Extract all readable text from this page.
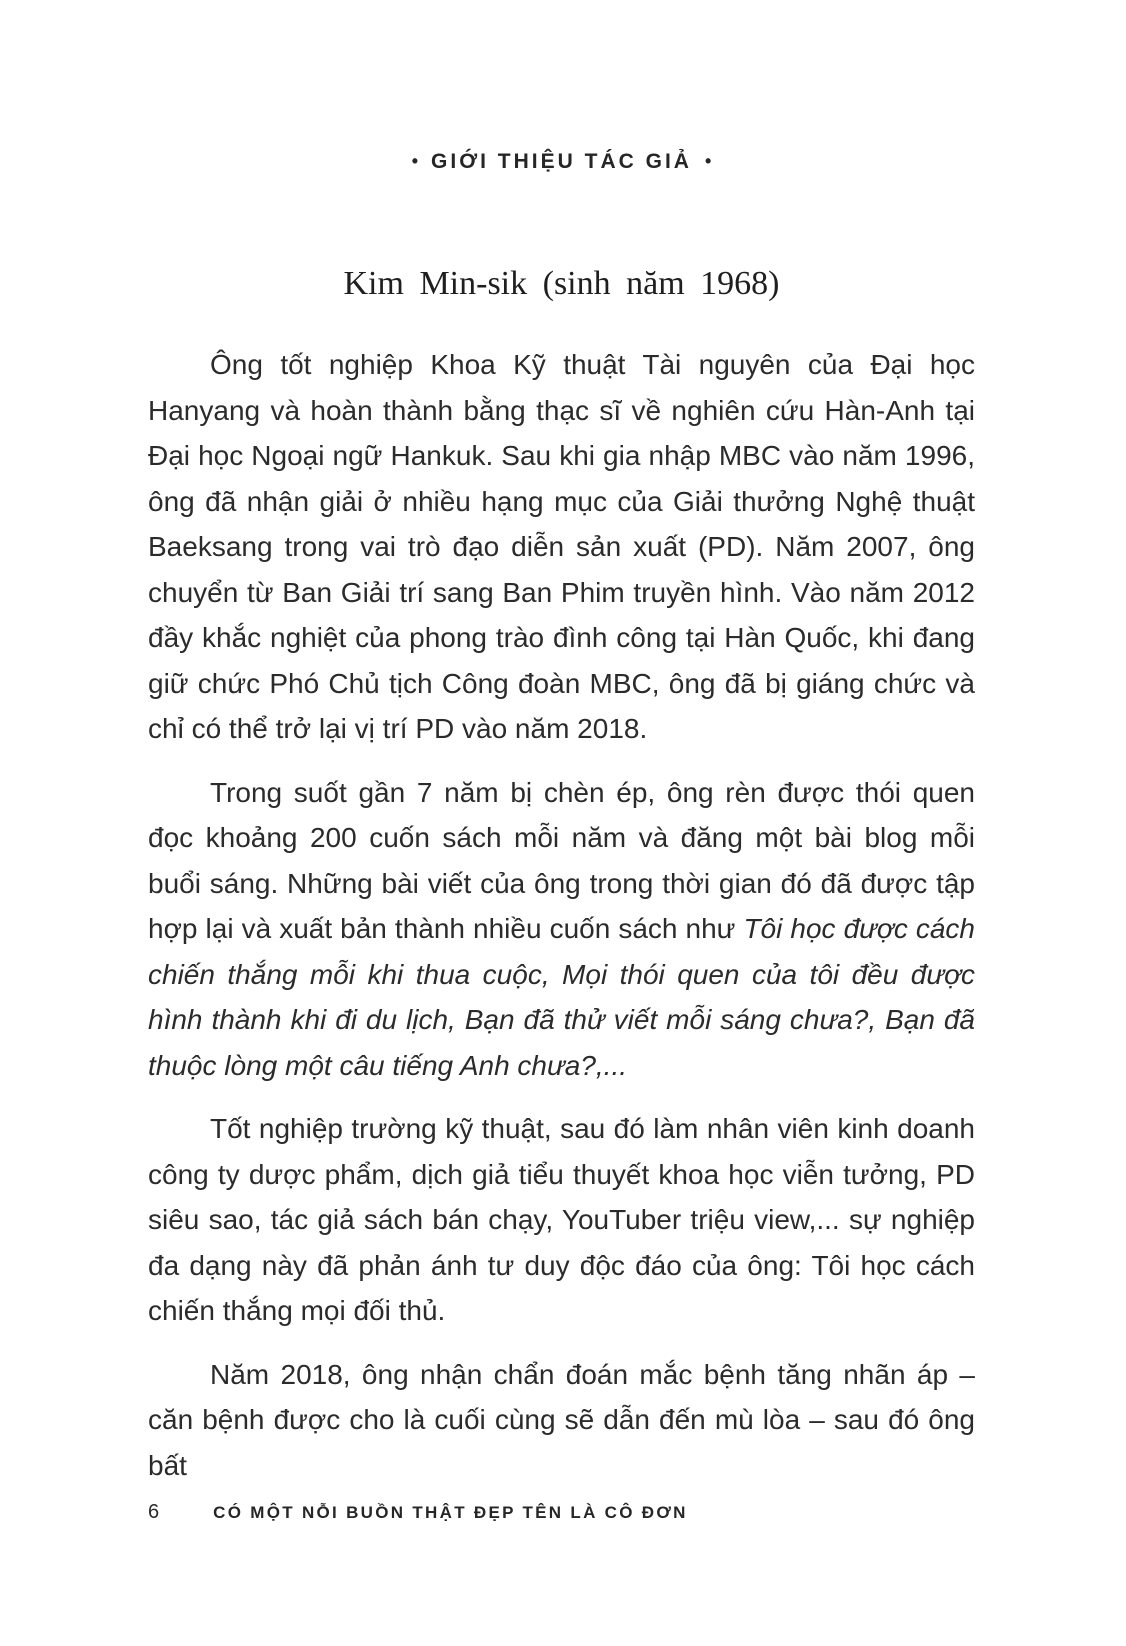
• GIỚI THIỆU TÁC GIẢ •
Kim Min-sik (sinh năm 1968)

Ông tốt nghiệp Khoa Kỹ thuật Tài nguyên của Đại học Hanyang và hoàn thành bằng thạc sĩ về nghiên cứu Hàn-Anh tại Đại học Ngoại ngữ Hankuk. Sau khi gia nhập MBC vào năm 1996, ông đã nhận giải ở nhiều hạng mục của Giải thưởng Nghệ thuật Baeksang trong vai trò đạo diễn sản xuất (PD). Năm 2007, ông chuyển từ Ban Giải trí sang Ban Phim truyền hình. Vào năm 2012 đầy khắc nghiệt của phong trào đình công tại Hàn Quốc, khi đang giữ chức Phó Chủ tịch Công đoàn MBC, ông đã bị giáng chức và chỉ có thể trở lại vị trí PD vào năm 2018.

Trong suốt gần 7 năm bị chèn ép, ông rèn được thói quen đọc khoảng 200 cuốn sách mỗi năm và đăng một bài blog mỗi buổi sáng. Những bài viết của ông trong thời gian đó đã được tập hợp lại và xuất bản thành nhiều cuốn sách như Tôi học được cách chiến thắng mỗi khi thua cuộc, Mọi thói quen của tôi đều được hình thành khi đi du lịch, Bạn đã thử viết mỗi sáng chưa?, Bạn đã thuộc lòng một câu tiếng Anh chưa?,...

Tốt nghiệp trường kỹ thuật, sau đó làm nhân viên kinh doanh công ty dược phẩm, dịch giả tiểu thuyết khoa học viễn tưởng, PD siêu sao, tác giả sách bán chạy, YouTuber triệu view,... sự nghiệp đa dạng này đã phản ánh tư duy độc đáo của ông: Tôi học cách chiến thắng mọi đối thủ.

Năm 2018, ông nhận chẩn đoán mắc bệnh tăng nhãn áp – căn bệnh được cho là cuối cùng sẽ dẫn đến mù lòa – sau đó ông bất

6	CÓ MỘT NỖI BUỒN THẬT ĐẸP TÊN LÀ CÔ ĐƠN
